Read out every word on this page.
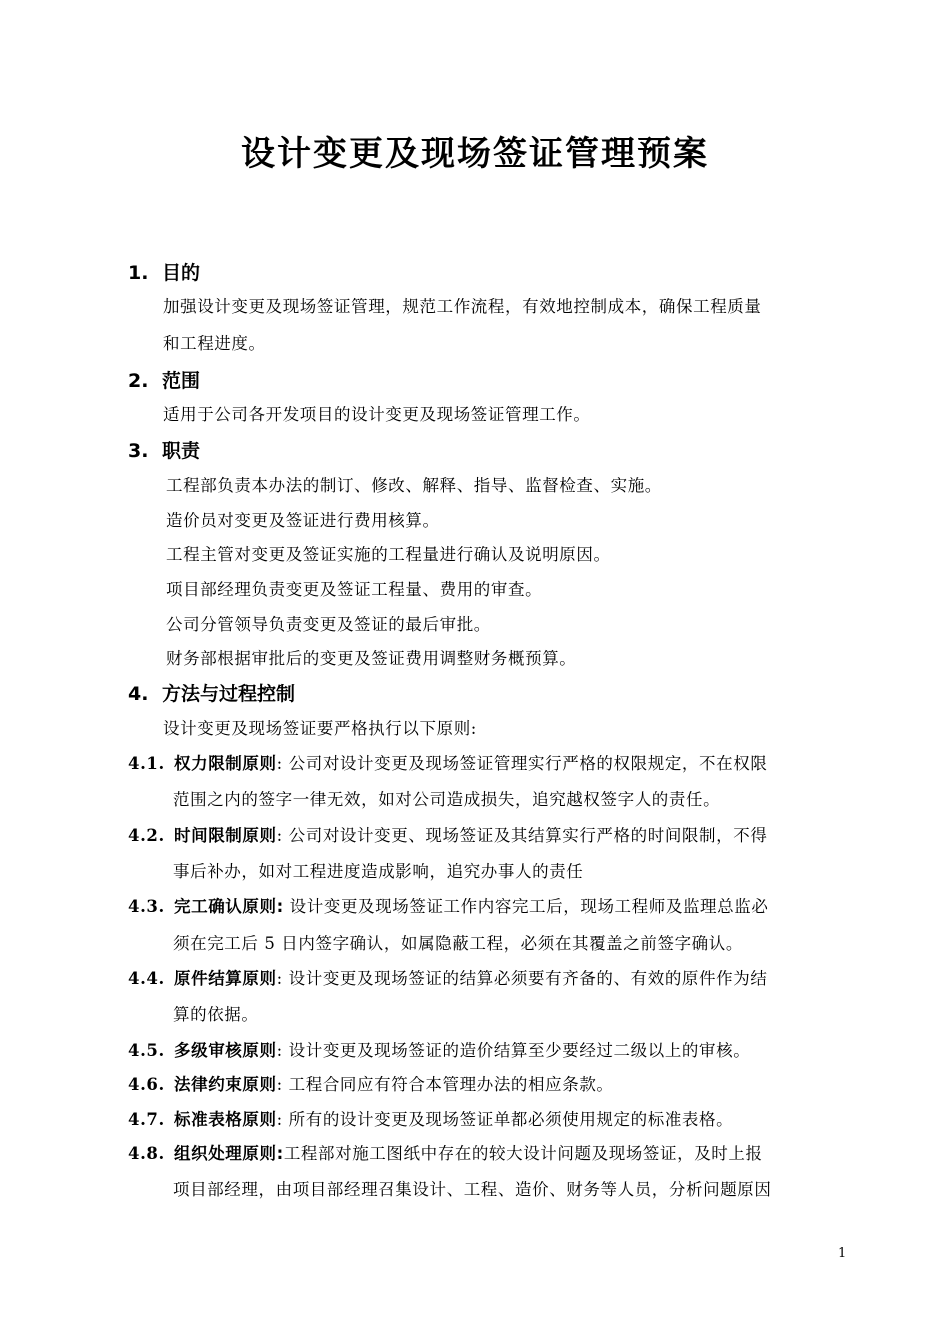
设计变更及现场签证管理预案
1. 目的
加强设计变更及现场签证管理，规范工作流程，有效地控制成本，确保工程质量
和工程进度。
2. 范围
适用于公司各开发项目的设计变更及现场签证管理工作。
3. 职责
工程部负责本办法的制订、修改、解释、指导、监督检查、实施。
造价员对变更及签证进行费用核算。
工程主管对变更及签证实施的工程量进行确认及说明原因。
项目部经理负责变更及签证工程量、费用的审查。
公司分管领导负责变更及签证的最后审批。
财务部根据审批后的变更及签证费用调整财务概预算。
4. 方法与过程控制
设计变更及现场签证要严格执行以下原则:
4.1. 权力限制原则: 公司对设计变更及现场签证管理实行严格的权限规定，不在权限
范围之内的签字一律无效，如对公司造成损失，追究越权签字人的责任。
4.2. 时间限制原则: 公司对设计变更、现场签证及其结算实行严格的时间限制，不得
事后补办，如对工程进度造成影响，追究办事人的责任
4.3. 完工确认原则: 设计变更及现场签证工作内容完工后，现场工程师及监理总监必
须在完工后 5 日内签字确认，如属隐蔽工程，必须在其覆盖之前签字确认。
4.4. 原件结算原则: 设计变更及现场签证的结算必须要有齐备的、有效的原件作为结
算的依据。
4.5. 多级审核原则: 设计变更及现场签证的造价结算至少要经过二级以上的审核。
4.6. 法律约束原则: 工程合同应有符合本管理办法的相应条款。
4.7. 标准表格原则: 所有的设计变更及现场签证单都必须使用规定的标准表格。
4.8. 组织处理原则:工程部对施工图纸中存在的较大设计问题及现场签证，及时上报
项目部经理，由项目部经理召集设计、工程、造价、财务等人员，分析问题原因
1
